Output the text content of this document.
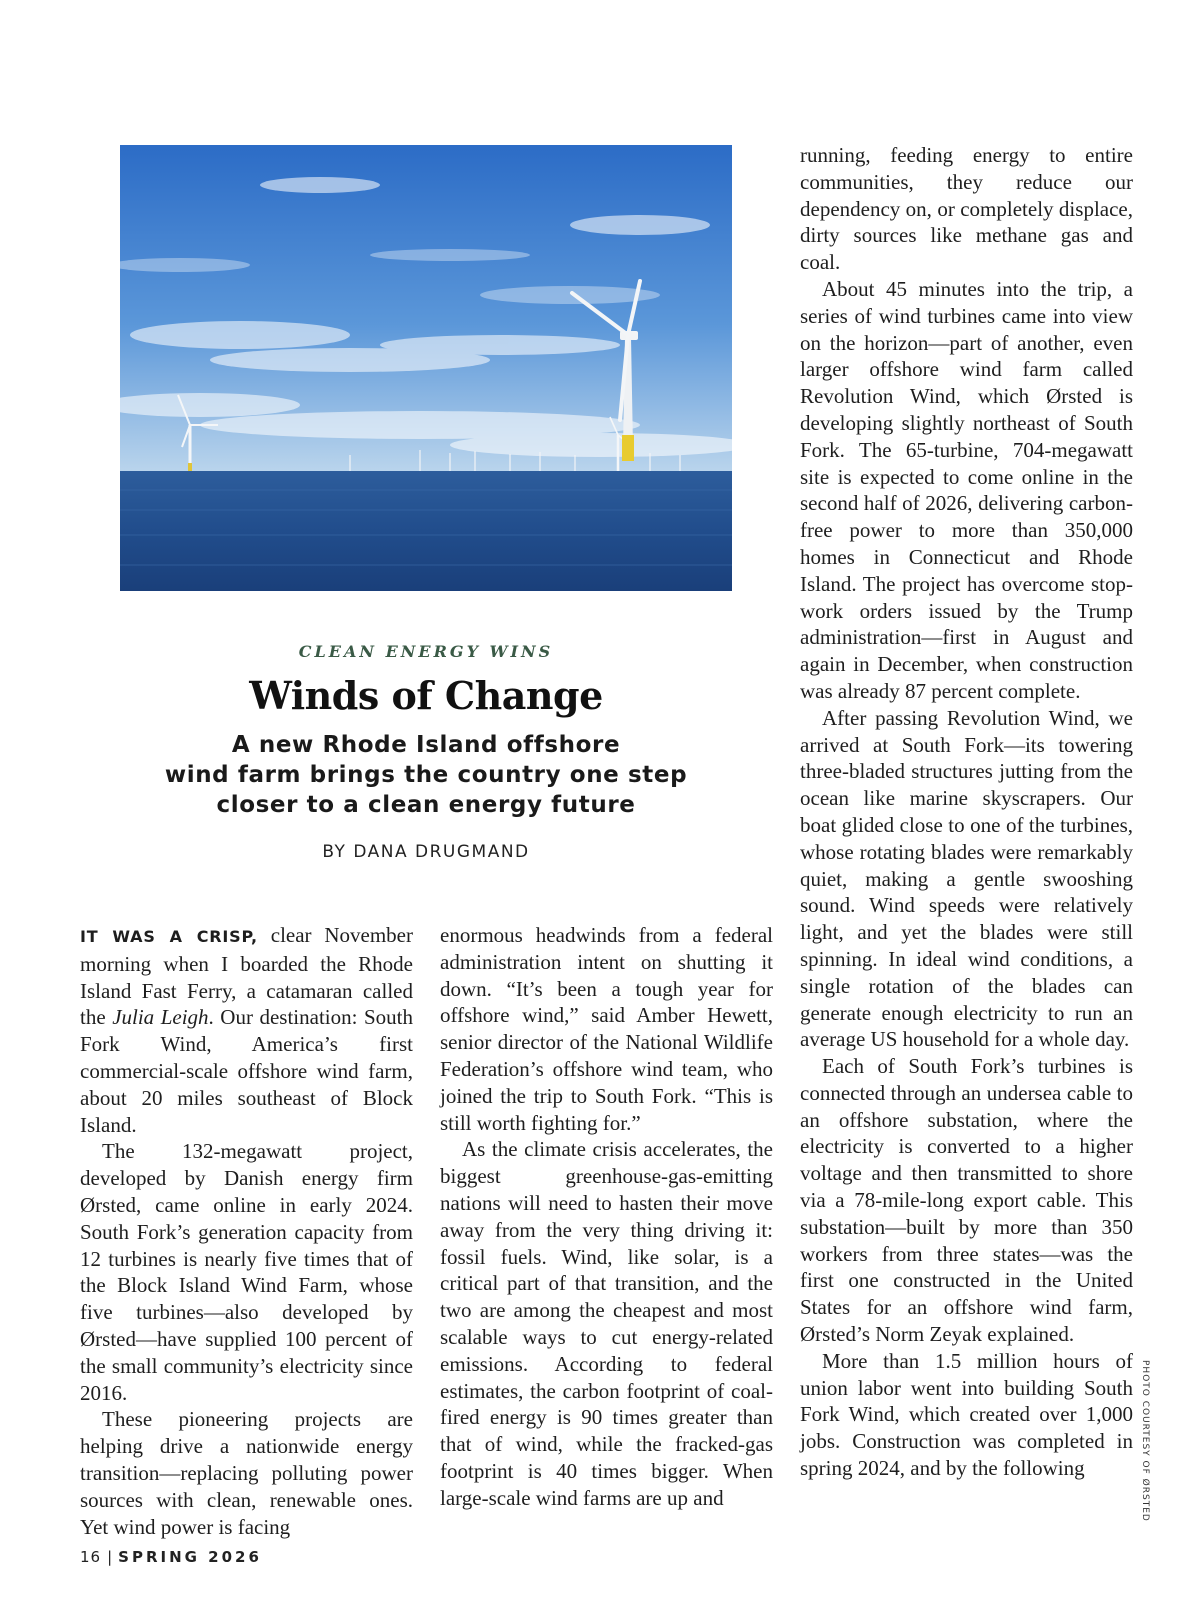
CLEAN ENERGY WINS
Winds of Change
A new Rhode Island offshore
wind farm brings the country one step
closer to a clean energy future
BY DANA DRUGMAND

IT WAS A CRISP, clear November morning when I boarded the Rhode Island Fast Ferry, a catamaran called the Julia Leigh. Our destination: South Fork Wind, America’s first commercial-scale offshore wind farm, about 20 miles southeast of Block Island.

The 132-megawatt project, developed by Danish energy firm Ørsted, came online in early 2024. South Fork’s generation capacity from 12 turbines is nearly five times that of the Block Island Wind Farm, whose five turbines—also developed by Ørsted—have supplied 100 percent of the small community’s electricity since 2016.

These pioneering projects are helping drive a nationwide energy transition—replacing polluting power sources with clean, renewable ones. Yet wind power is facing

enormous headwinds from a federal administration intent on shutting it down. “It’s been a tough year for offshore wind,” said Amber Hewett, senior director of the National Wildlife Federation’s offshore wind team, who joined the trip to South Fork. “This is still worth fighting for.”

As the climate crisis accelerates, the biggest greenhouse-gas-emitting nations will need to hasten their move away from the very thing driving it: fossil fuels. Wind, like solar, is a critical part of that transition, and the two are among the cheapest and most scalable ways to cut energy-related emissions. According to federal estimates, the carbon footprint of coal-fired energy is 90 times greater than that of wind, while the fracked-gas footprint is 40 times bigger. When large-scale wind farms are up and

running, feeding energy to entire communities, they reduce our dependency on, or completely displace, dirty sources like methane gas and coal.

About 45 minutes into the trip, a series of wind turbines came into view on the horizon—part of another, even larger offshore wind farm called Revolution Wind, which Ørsted is developing slightly northeast of South Fork. The 65-turbine, 704-megawatt site is expected to come online in the second half of 2026, delivering carbon-free power to more than 350,000 homes in Connecticut and Rhode Island. The project has overcome stop-work orders issued by the Trump administration—first in August and again in December, when construction was already 87 percent complete.

After passing Revolution Wind, we arrived at South Fork—its towering three-bladed structures jutting from the ocean like marine skyscrapers. Our boat glided close to one of the turbines, whose rotating blades were remarkably quiet, making a gentle swooshing sound. Wind speeds were relatively light, and yet the blades were still spinning. In ideal wind conditions, a single rotation of the blades can generate enough electricity to run an average US household for a whole day.

Each of South Fork’s turbines is connected through an undersea cable to an offshore substation, where the electricity is converted to a higher voltage and then transmitted to shore via a 78-mile-long export cable. This substation—built by more than 350 workers from three states—was the first one constructed in the United States for an offshore wind farm, Ørsted’s Norm Zeyak explained.

More than 1.5 million hours of union labor went into building South Fork Wind, which created over 1,000 jobs. Construction was completed in spring 2024, and by the following	PHOTO COURTESY OF ØRSTED
16 | SPRING 2026
